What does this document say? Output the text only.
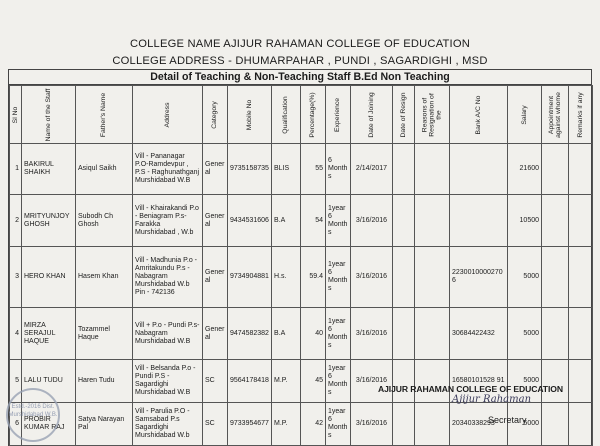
COLLEGE NAME AJIJUR RAHAMAN COLLEGE OF EDUCATION
COLLEGE ADDRESS - DHUMARPAHAR , PUNDI , SAGARDIGHI , MSD
Detail of Teaching & Non-Teaching Staff B.Ed Non Teaching
Sl No	Name of the Staff	Father's Name	Address	Category	Mobile No	Qualification	Percentage(%)	Experience	Date of Joining	Date of Resign	Reasons of Resignation of the	Bank A/C No	Salary	Appointment against whome	Remarks if any

1	BAKIRUL SHAIKH	Asiqul Saikh	Vill - Pananagar P.O-Ramdevpur , P.S - Raghunathganj Murshidabad W.B	General	9735158735	BLIS	55	6 Months	2/14/2017				21600		
2	MRITYUNJOY GHOSH	Subodh Ch Ghosh	Vill - Khairakandi P.o - Beniagram P.s- Farakka Murshidabad , W.b	General	9434531606	B.A	54	1year 6 Months	3/16/2016				10500		
3	HERO KHAN	Hasem Khan	Vill - Madhunia P.o - Amritakundu P.s - Nabagram Murshidabad W.b Pin - 742136	General	9734904881	H.s.	59.4	1year 6 Months	3/16/2016			22300100002706	5000		
4	MIRZA SERAJUL HAQUE	Tozammel Haque	Vill + P.o - Pundi P.s- Nabagram Murshidabad W.B	General	9474582382	B.A	40	1year 6 Months	3/16/2016			30684422432	5000		
5	LALU TUDU	Haren Tudu	Vill - Belsanda P.o - Pundi P.S - Sagardighi Murshidabad W.B	SC	9564178418	M.P.	45	1year 6 Months	3/16/2016			16580101528 91	5000		
6	PROBIR KUMAR RAJ	Satya Narayan Pal	Vill - Parulia P.O - Samsabad P.s Sagardighi Murshidabad W.b	SC	9733954677	M.P.	42	1year 6 Months	3/16/2016			20340338293	5000		
Estd.-2016 Dist. Murshidabad W.B.
AJIJUR RAHAMAN COLLEGE OF EDUCATION
Ajijur Rahaman
Secretary
